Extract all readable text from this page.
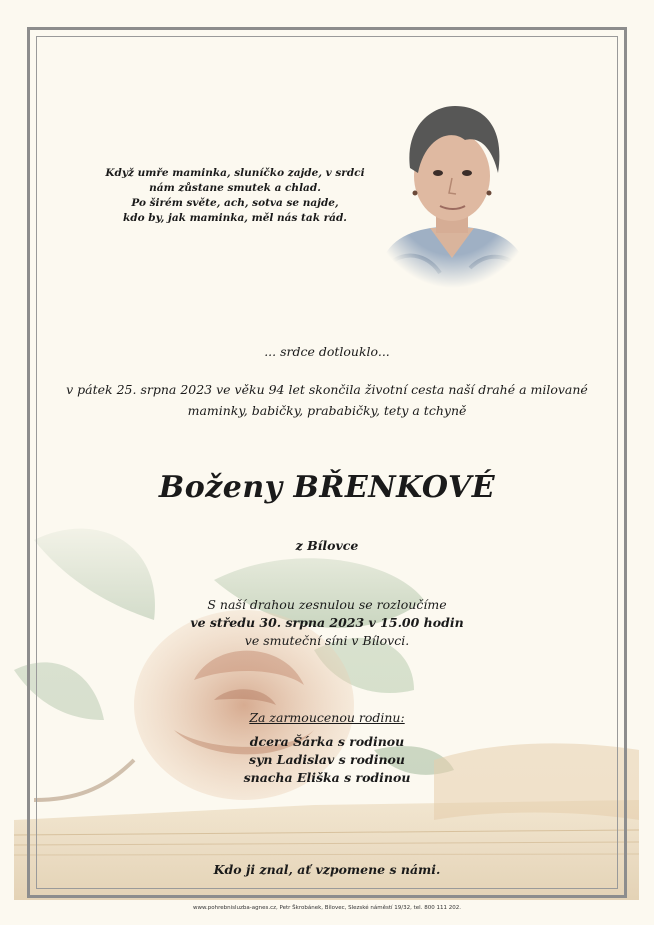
Když umře maminka, sluníčko zajde, v srdci
nám zůstane smutek a chlad.
Po širém světe, ach, sotva se najde,
kdo by, jak maminka, měl nás tak rád.
... srdce dotlouklo...
v pátek 25. srpna 2023 ve věku 94 let skončila životní cesta naší drahé a milované
maminky, babičky, prababičky, tety a tchyně
Boženy BŘENKOVÉ
z Bílovce
S naší drahou zesnulou se rozloučíme
ve středu 30. srpna 2023 v 15.00 hodin
ve smuteční síni v Bílovci.
Za zarmoucenou rodinu:
dcera Šárka s rodinou
syn Ladislav s rodinou
snacha Eliška s rodinou
Kdo ji znal, ať vzpomene s námi.
www.pohrebnisluzba-agnes.cz, Petr Škrobánek, Bílovec, Slezské náměstí 19/32, tel. 800 111 202.
